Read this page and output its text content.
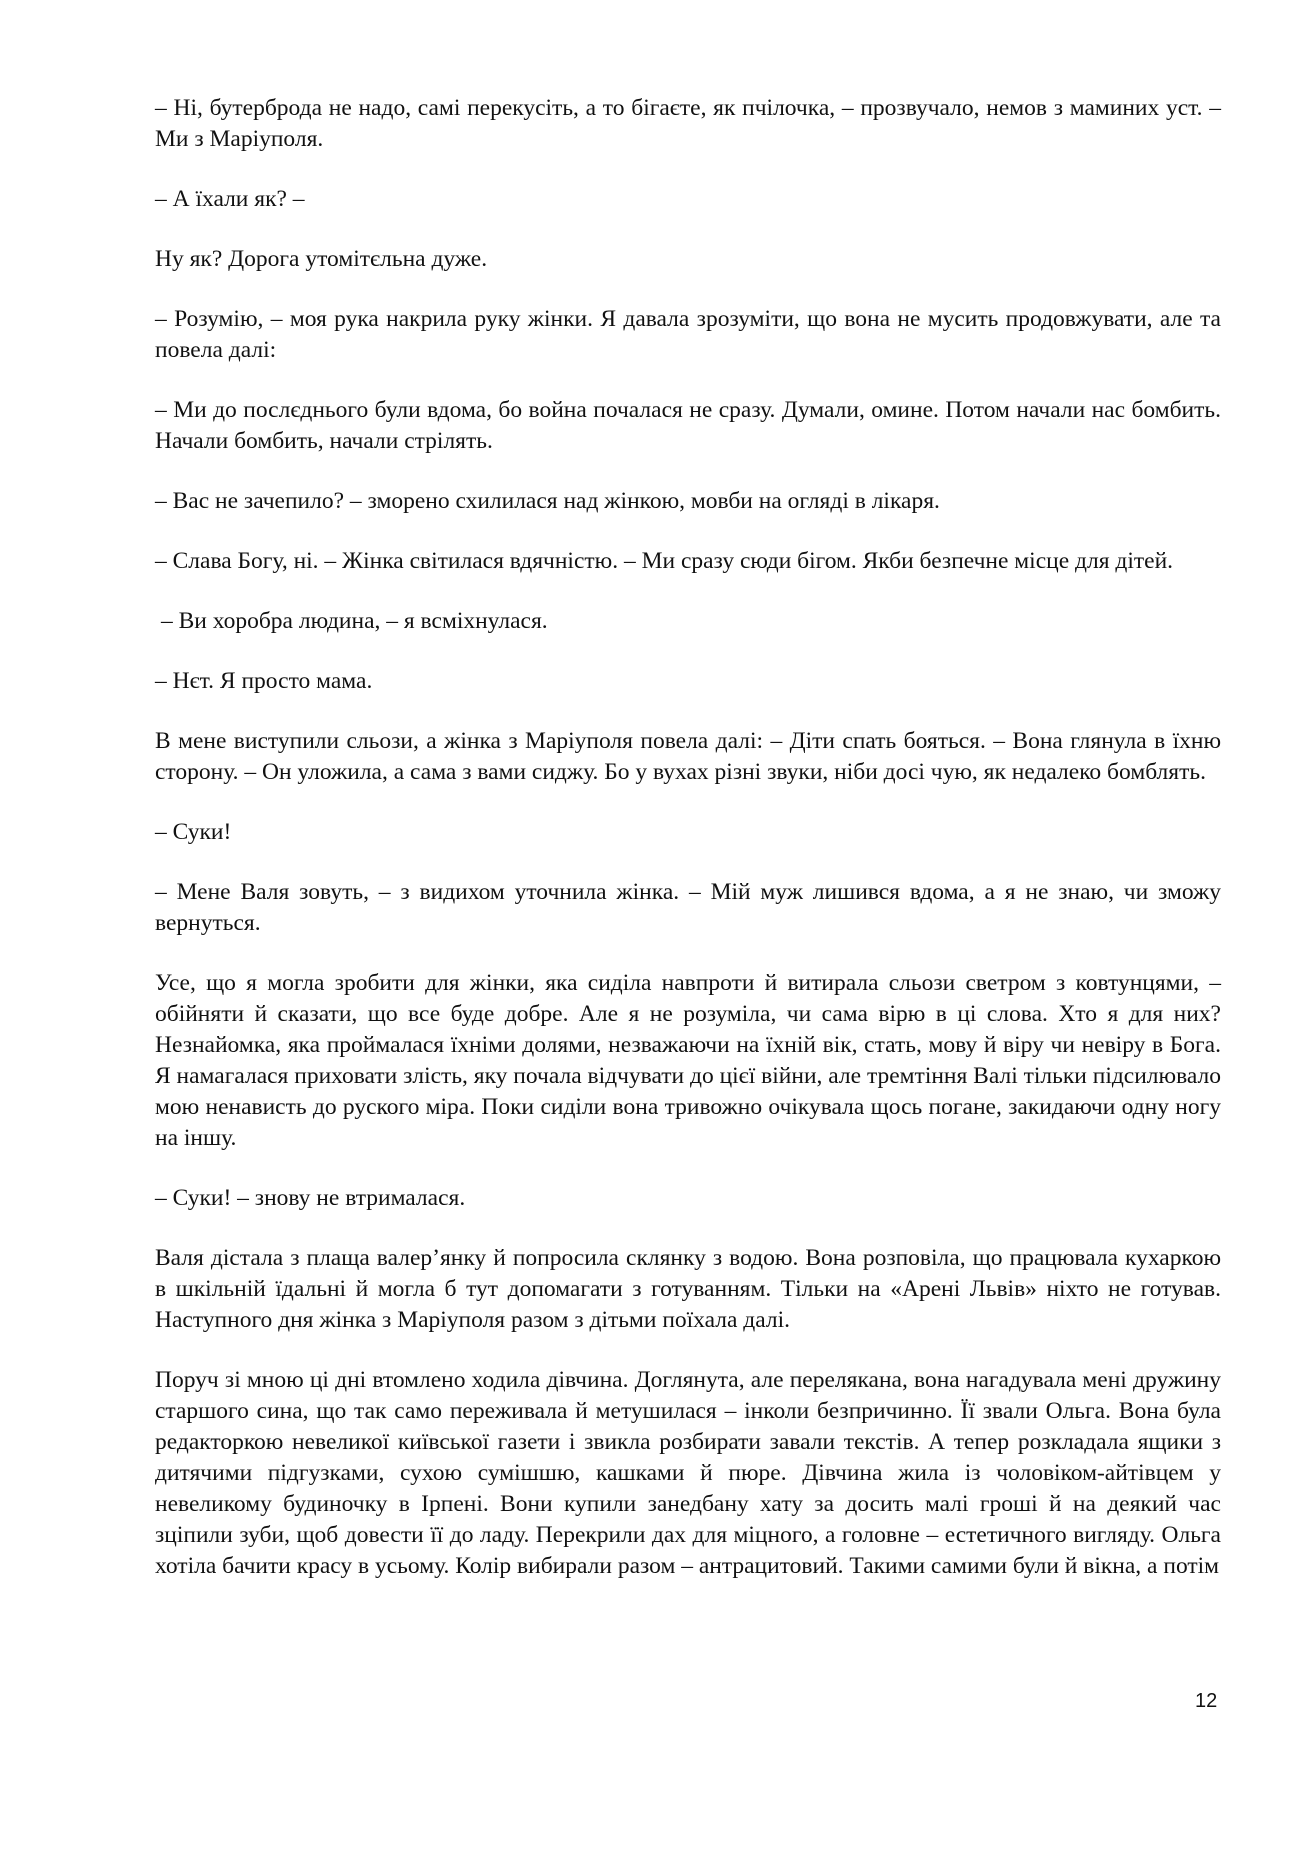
– Ні, бутерброда не надо, самі перекусіть, а то бігаєте, як пчілочка, – прозвучало, немов з маминих уст. – Ми з Маріуполя.

– А їхали як? –

Ну як? Дорога утомітєльна дуже.

– Розумію, – моя рука накрила руку жінки. Я давала зрозуміти, що вона не мусить продовжувати, але та повела далі:

– Ми до послєднього були вдома, бо война почалася не сразу. Думали, омине. Потом начали нас бомбить. Начали бомбить, начали стрілять.

– Вас не зачепило? – зморено схилилася над жінкою, мовби на огляді в лікаря.

– Слава Богу, ні. – Жінка світилася вдячністю. – Ми сразу сюди бігом. Якби безпечне місце для дітей.

– Ви хоробра людина, – я всміхнулася.

– Нєт. Я просто мама.

В мене виступили сльози, а жінка з Маріуполя повела далі: – Діти спать бояться. – Вона глянула в їхню сторону. – Он уложила, а сама з вами сиджу. Бо у вухах різні звуки, ніби досі чую, як недалеко бомблять.

– Суки!

– Мене Валя зовуть, – з видихом уточнила жінка. – Мій муж лишився вдома, а я не знаю, чи зможу вернуться.

Усе, що я могла зробити для жінки, яка сиділа навпроти й витирала сльози светром з ковтунцями, – обійняти й сказати, що все буде добре. Але я не розуміла, чи сама вірю в ці слова. Хто я для них? Незнайомка, яка проймалася їхніми долями, незважаючи на їхній вік, стать, мову й віру чи невіру в Бога. Я намагалася приховати злість, яку почала відчувати до цієї війни, але тремтіння Валі тільки підсилювало мою ненависть до руского міра. Поки сиділи вона тривожно очікувала щось погане, закидаючи одну ногу на іншу.

– Суки! – знову не втрималася.

Валя дістала з плаща валер’янку й попросила склянку з водою. Вона розповіла, що працювала кухаркою в шкільній їдальні й могла б тут допомагати з готуванням. Тільки на «Арені Львів» ніхто не готував. Наступного дня жінка з Маріуполя разом з дітьми поїхала далі.

Поруч зі мною ці дні втомлено ходила дівчина. Доглянута, але перелякана, вона нагадувала мені дружину старшого сина, що так само переживала й метушилася – інколи безпричинно. Її звали Ольга. Вона була редакторкою невеликої київської газети і звикла розбирати завали текстів. А тепер розкладала ящики з дитячими підгузками, сухою сумішшю, кашками й пюре. Дівчина жила із чоловіком-айтівцем у невеликому будиночку в Ірпені. Вони купили занедбану хату за досить малі гроші й на деякий час зціпили зуби, щоб довести її до ладу. Перекрили дах для міцного, а головне – естетичного вигляду. Ольга хотіла бачити красу в усьому. Колір вибирали разом – антрацитовий. Такими самими були й вікна, а потім

12
